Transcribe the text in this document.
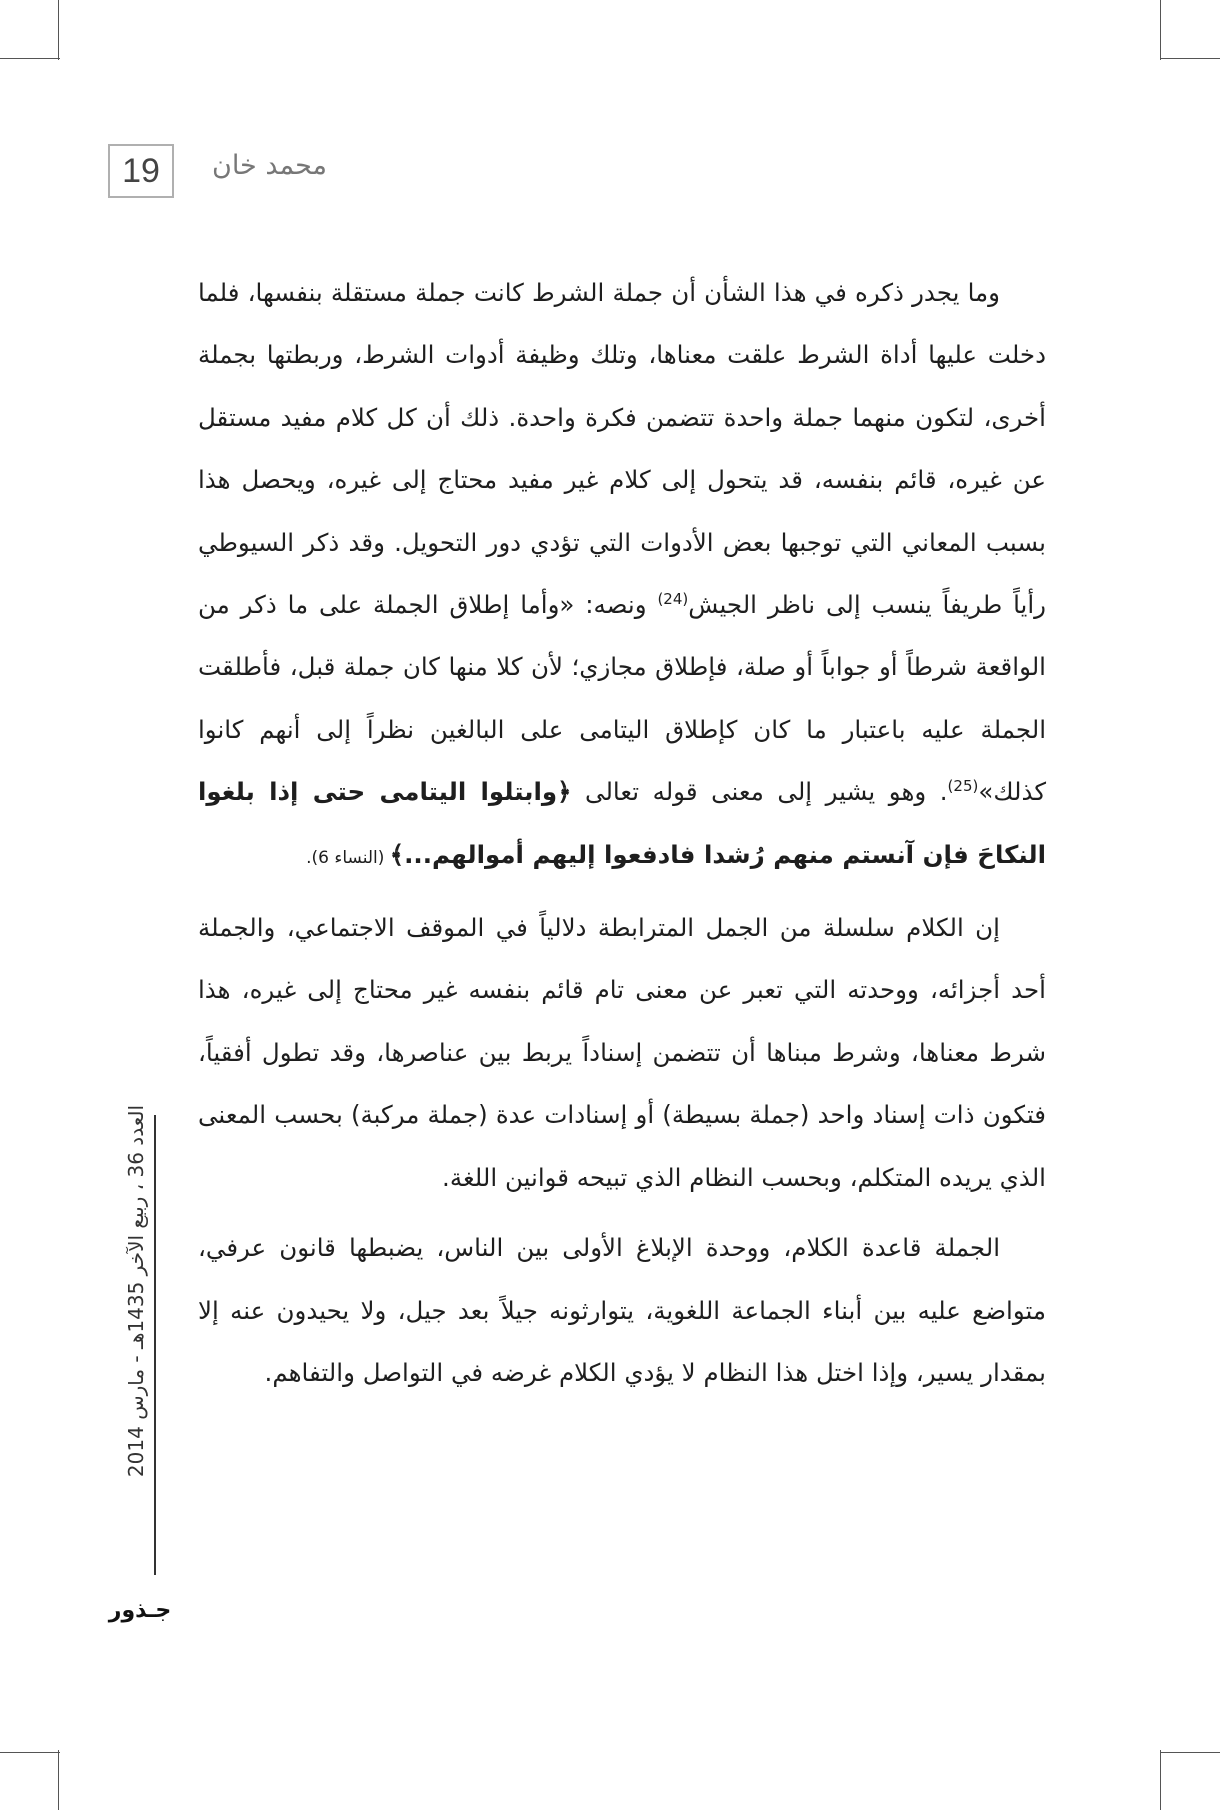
19	محمد خان

وما يجدر ذكره في هذا الشأن أن جملة الشرط كانت جملة مستقلة بنفسها، فلما دخلت عليها أداة الشرط علقت معناها، وتلك وظيفة أدوات الشرط، وربطتها بجملة أخرى، لتكون منهما جملة واحدة تتضمن فكرة واحدة. ذلك أن كل كلام مفيد مستقل عن غيره، قائم بنفسه، قد يتحول إلى كلام غير مفيد محتاج إلى غيره، ويحصل هذا بسبب المعاني التي توجبها بعض الأدوات التي تؤدي دور التحويل. وقد ذكر السيوطي رأياً طريفاً ينسب إلى ناظر الجيش$^{(24)}$ ونصه: «وأما إطلاق الجملة على ما ذكر من الواقعة شرطاً أو جواباً أو صلة، فإطلاق مجازي؛ لأن كلا منها كان جملة قبل، فأطلقت الجملة عليه باعتبار ما كان كإطلاق اليتامى على البالغين نظراً إلى أنهم كانوا كذلك»$^{(25)}$. وهو يشير إلى معنى قوله تعالى ﴿وابتلوا اليتامى حتى إذا بلغوا النكاحَ فإن آنستم منهم رُشدا فادفعوا إليهم أموالهم...﴾ (النساء 6).

إن الكلام سلسلة من الجمل المترابطة دلالياً في الموقف الاجتماعي، والجملة أحد أجزائه، ووحدته التي تعبر عن معنى تام قائم بنفسه غير محتاج إلى غيره، هذا شرط معناها، وشرط مبناها أن تتضمن إسناداً يربط بين عناصرها، وقد تطول أفقياً، فتكون ذات إسناد واحد (جملة بسيطة) أو إسنادات عدة (جملة مركبة) بحسب المعنى الذي يريده المتكلم، وبحسب النظام الذي تبيحه قوانين اللغة.

الجملة قاعدة الكلام، ووحدة الإبلاغ الأولى بين الناس، يضبطها قانون عرفي، متواضع عليه بين أبناء الجماعة اللغوية، يتوارثونه جيلاً بعد جيل، ولا يحيدون عنه إلا بمقدار يسير، وإذا اختل هذا النظام لا يؤدي الكلام غرضه في التواصل والتفاهم.

العدد 36 ، ربيع الآخر 1435هـ - مارس 2014
جـذور
